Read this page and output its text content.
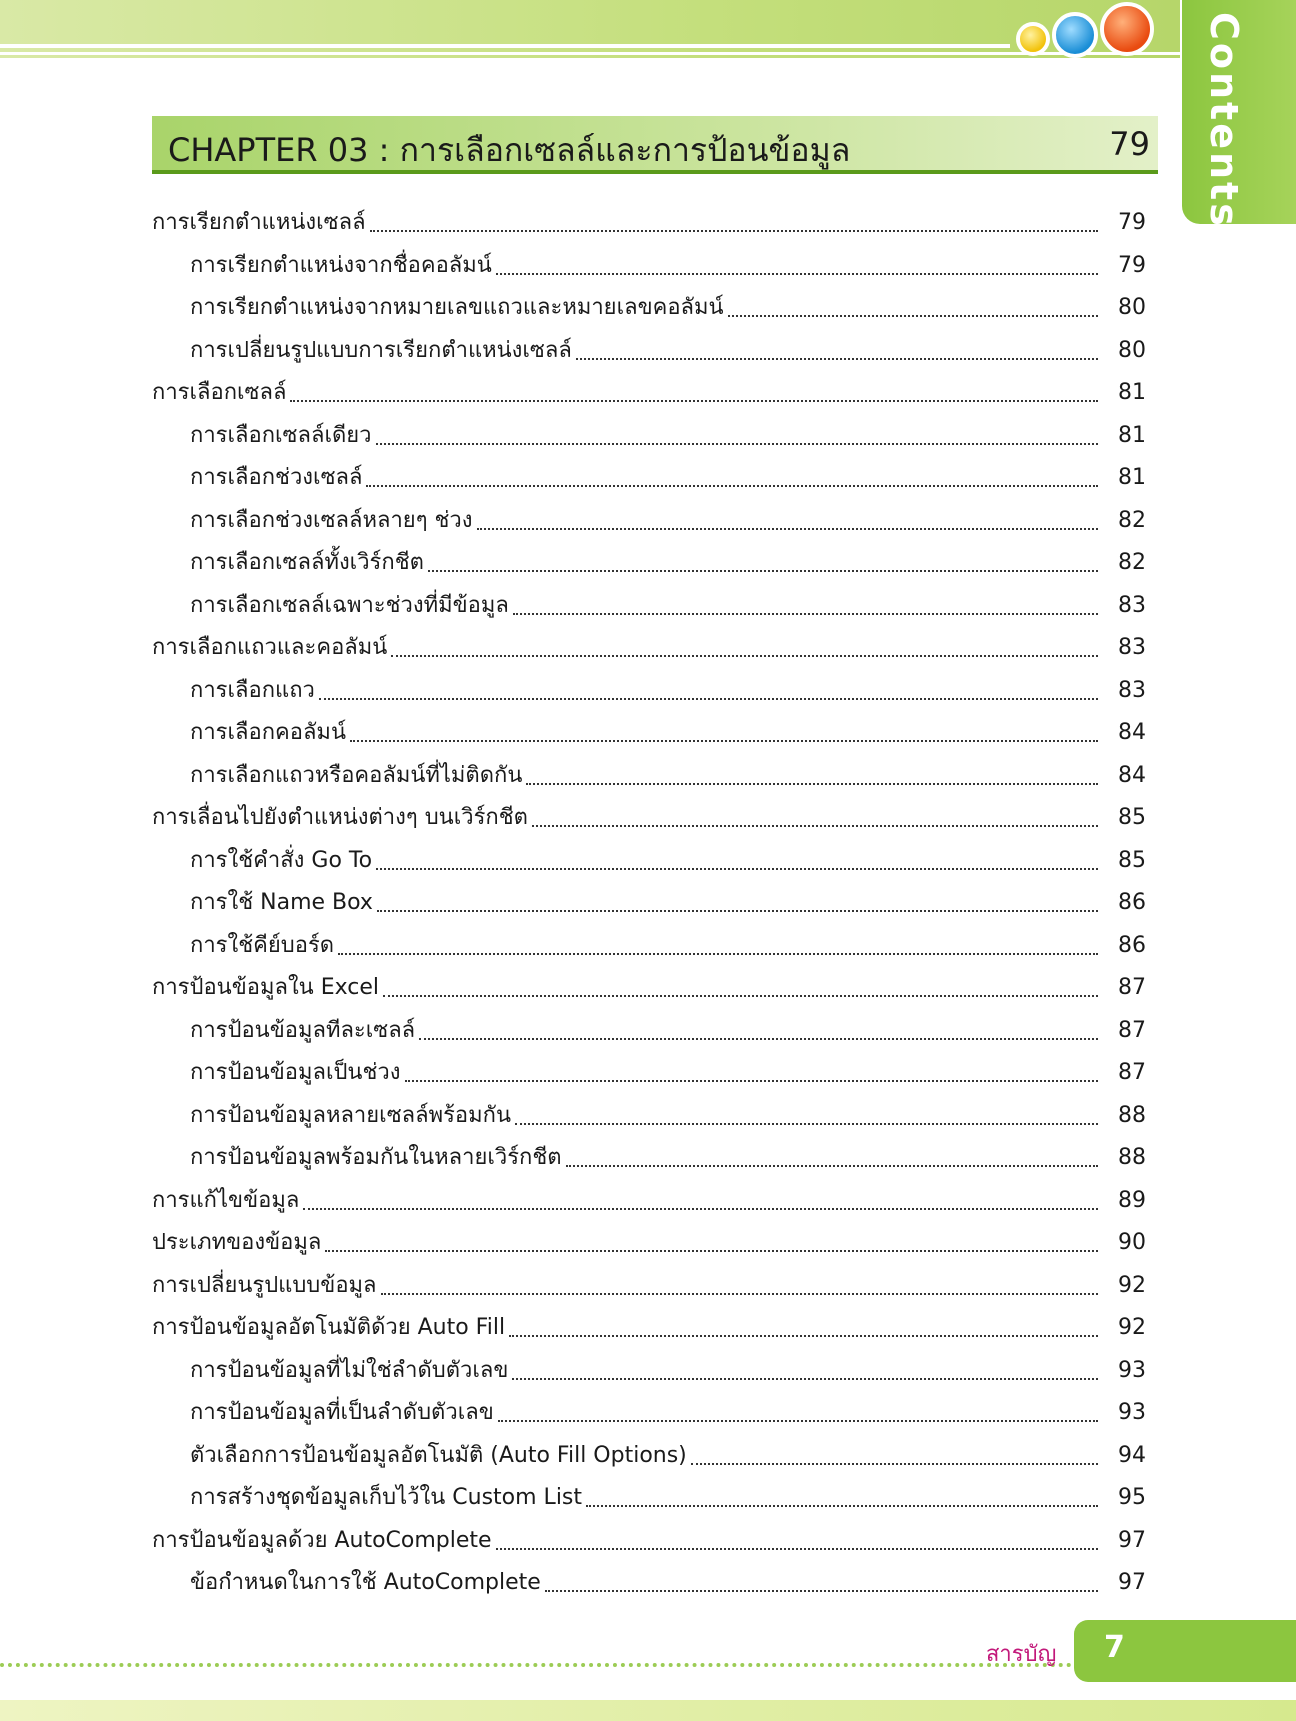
Contents
CHAPTER 03 : การเลือกเซลล์และการป้อนข้อมูล	79
การเรียกตำแหน่งเซลล์	79
การเรียกตำแหน่งจากชื่อคอลัมน์	79
การเรียกตำแหน่งจากหมายเลขแถวและหมายเลขคอลัมน์	80
การเปลี่ยนรูปแบบการเรียกตำแหน่งเซลล์	80
การเลือกเซลล์	81
การเลือกเซลล์เดียว	81
การเลือกช่วงเซลล์	81
การเลือกช่วงเซลล์หลายๆ ช่วง	82
การเลือกเซลล์ทั้งเวิร์กชีต	82
การเลือกเซลล์เฉพาะช่วงที่มีข้อมูล	83
การเลือกแถวและคอลัมน์	83
การเลือกแถว	83
การเลือกคอลัมน์	84
การเลือกแถวหรือคอลัมน์ที่ไม่ติดกัน	84
การเลื่อนไปยังตำแหน่งต่างๆ บนเวิร์กชีต	85
การใช้คำสั่ง Go To	85
การใช้ Name Box	86
การใช้คีย์บอร์ด	86
การป้อนข้อมูลใน Excel	87
การป้อนข้อมูลทีละเซลล์	87
การป้อนข้อมูลเป็นช่วง	87
การป้อนข้อมูลหลายเซลล์พร้อมกัน	88
การป้อนข้อมูลพร้อมกันในหลายเวิร์กชีต	88
การแก้ไขข้อมูล	89
ประเภทของข้อมูล	90
การเปลี่ยนรูปแบบข้อมูล	92
การป้อนข้อมูลอัตโนมัติด้วย Auto Fill	92
การป้อนข้อมูลที่ไม่ใช่ลำดับตัวเลข	93
การป้อนข้อมูลที่เป็นลำดับตัวเลข	93
ตัวเลือกการป้อนข้อมูลอัตโนมัติ (Auto Fill Options)	94
การสร้างชุดข้อมูลเก็บไว้ใน Custom List	95
การป้อนข้อมูลด้วย AutoComplete	97
ข้อกำหนดในการใช้ AutoComplete	97
สารบัญ 7
